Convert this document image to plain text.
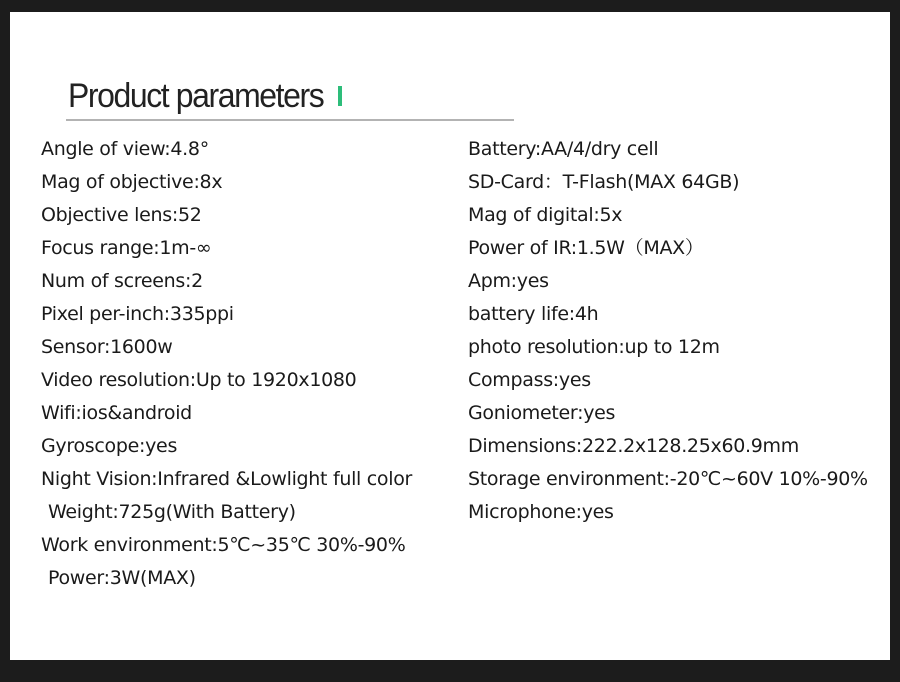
Product parameters
Angle of view:4.8°
Mag of objective:8x
Objective lens:52
Focus range:1m-∞
Num of screens:2
Pixel per-inch:335ppi
Sensor:1600w
Video resolution:Up to 1920x1080
Wifi:ios&android
Gyroscope:yes
Night Vision:Infrared &Lowlight full color
Weight:725g(With Battery)
Work environment:5℃~35℃ 30%-90%
Power:3W(MAX)
Battery:AA/4/dry cell
SD-Card：T-Flash(MAX 64GB)
Mag of digital:5x
Power of IR:1.5W（MAX）
Apm:yes
battery life:4h
photo resolution:up to 12m
Compass:yes
Goniometer:yes
Dimensions:222.2x128.25x60.9mm
Storage environment:-20℃~60V 10%-90%
Microphone:yes
